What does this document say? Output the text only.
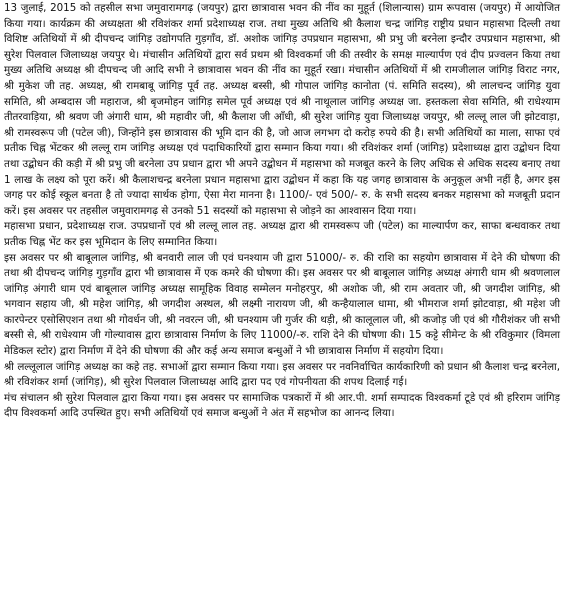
13 जुलाई, 2015 को तहसील सभा जमुवारामगढ़ (जयपुर) द्वारा छात्रावास भवन की नींव का मुहूर्त (शिलान्यास) ग्राम रूपवास (जयपुर) में आयोजित किया गया। कार्यक्रम की अध्यक्षता श्री रविशंकर शर्मा प्रदेशाध्यक्ष राज. तथा मुख्य अतिथि श्री कैलाश चन्द्र जांगिड़ राष्ट्रीय प्रधान महासभा दिल्ली तथा विशिष्ट अतिथियों में श्री दीपचन्द जांगिड़ उद्योगपति गुड़गाँव, डॉ. अशोक जांगिड़ उपप्रधान महासभा, श्री प्रभु जी बरनेला इन्दौर उपप्रधान महासभा, श्री सुरेश पिलवाल जिलाध्यक्ष जयपुर थे। मंचासीन अतिथियों द्वारा सर्व प्रथम श्री विश्वकर्मा जी की तस्वीर के समक्ष माल्यार्पण एवं दीप प्रज्वलन किया तथा मुख्य अतिथि अध्यक्ष श्री दीपचन्द जी आदि सभी ने छात्रावास भवन की नींव का मुहूर्त रखा। मंचासीन अतिथियों में श्री रामजीलाल जांगिड़ विराट नगर, श्री मुकेश जी तह. अध्यक्ष, श्री रामबाबू जांगिड़ पूर्व तह. अध्यक्ष बस्सी, श्री गोपाल जांगिड़ कानोता (पं. समिति सदस्य), श्री लालचन्द जांगिड़ युवा समिति, श्री अम्बदास जी महाराज, श्री बृजमोहन जांगिड़ समेल पूर्व अध्यक्ष एवं श्री नाथूलाल जांगिड़ अध्यक्ष जा. हस्तकला सेवा समिति, श्री राधेश्याम तीतरवाड़िया, श्री श्रवण जी अंगारी धाम, श्री महावीर जी, श्री कैलाश जी आँधी, श्री सुरेश जांगिड़ युवा जिलाध्यक्ष जयपुर, श्री लल्लू लाल जी झोटवाड़ा, श्री रामस्वरूप जी (पटेल जी), जिन्होंने इस छात्रावास की भूमि दान की है, जो आज लगभग दो करोड़ रुपये की है। सभी अतिथियों का माला, साफा एवं प्रतीक चिह्न भेंटकर श्री लल्लू राम जांगिड़ अध्यक्ष एवं पदाधिकारियों द्वारा सम्मान किया गया। श्री रविशंकर शर्मा (जांगिड़) प्रदेशाध्यक्ष द्वारा उद्बोधन दिया तथा उद्बोधन की कड़ी में श्री प्रभु जी बरनेला उप प्रधान द्वारा भी अपने उद्बोधन में महासभा को मजबूत करने के लिए अधिक से अधिक सदस्य बनाए तथा 1 लाख के लक्ष्य को पूरा करें। श्री कैलाशचन्द्र बरनेला प्रधान महासभा द्वारा उद्बोधन में कहा कि यह जगह छात्रावास के अनुकूल अभी नहीं है, अगर इस जगह पर कोई स्कूल बनता है तो ज्यादा सार्थक होगा, ऐसा मेरा मानना है। 1100/- एवं 500/- रु. के सभी सदस्य बनकर महासभा को मजबूती प्रदान करें। इस अवसर पर तहसील जमुवारामगढ़ से उनको 51 सदस्यों को महासभा से जोड़ने का आश्वासन दिया गया।

महासभा प्रधान, प्रदेशाध्यक्ष राज. उपप्रधानों एवं श्री लल्लू लाल तह. अध्यक्ष द्वारा श्री रामस्वरूप जी (पटेल) का माल्यार्पण कर, साफा बन्धवाकर तथा प्रतीक चिह्न भेंट कर इस भूमिदान के लिए सम्मानित किया।

इस अवसर पर श्री बाबूलाल जांगिड़, श्री बनवारी लाल जी एवं घनश्याम जी द्वारा 51000/- रु. की राशि का सहयोग छात्रावास में देने की घोषणा की तथा श्री दीपचन्द जांगिड़ गुड़गाँव द्वारा भी छात्रावास में एक कमरे की घोषणा की। इस अवसर पर श्री बाबूलाल जांगिड़ अध्यक्ष अंगारी धाम श्री श्रवणलाल जांगिड़ अंगारी धाम एवं बाबूलाल जांगिड़ अध्यक्ष सामूहिक विवाह सम्मेलन मनोहरपुर, श्री अशोक जी, श्री राम अवतार जी, श्री जगदीश जांगिड़, श्री भगवान सहाय जी, श्री महेश जांगिड़, श्री जगदीश अस्थल, श्री लक्ष्मी नारायण जी, श्री कन्हैयालाल धामा, श्री भीमराज शर्मा झोटवाड़ा, श्री महेश जी कारपेन्टर एसोसिएशन तथा श्री गोवर्धन जी, श्री नवरत्न जी, श्री घनश्याम जी गुर्जर की थड़ी, श्री कालूलाल जी, श्री कजोड़ जी एवं श्री गौरीशंकर जी सभी बस्सी से, श्री राधेश्याम जी गोल्यावास द्वारा छात्रावास निर्माण के लिए 11000/-रु. राशि देने की घोषणा की। 15 कट्टे सीमेन्ट के श्री रविकुमार (विमला मेडिकल स्टोर) द्वारा निर्माण में देने की घोषणा की और कई अन्य समाज बन्धुओं ने भी छात्रावास निर्माण में सहयोग दिया।

श्री लल्लूलाल जांगिड़ अध्यक्ष का कहे तह. सभाओं द्वारा सम्मान किया गया। इस अवसर पर नवनिर्वाचित कार्यकारिणी को प्रधान श्री कैलाश चन्द्र बरनेला, श्री रविशंकर शर्मा (जांगिड़), श्री सुरेश पिलवाल जिलाध्यक्ष आदि द्वारा पद एवं गोपनीयता की शपथ दिलाई गई।

मंच संचालन श्री सुरेश पिलवाल द्वारा किया गया। इस अवसर पर सामाजिक पत्रकारों में श्री आर.पी. शर्मा सम्पादक विश्वकर्मा टूडे एवं श्री हरिराम जांगिड़ दीप विश्वकर्मा आदि उपस्थित हुए। सभी अतिथियों एवं समाज बन्धुओं ने अंत में सहभोज का आनन्द लिया।
